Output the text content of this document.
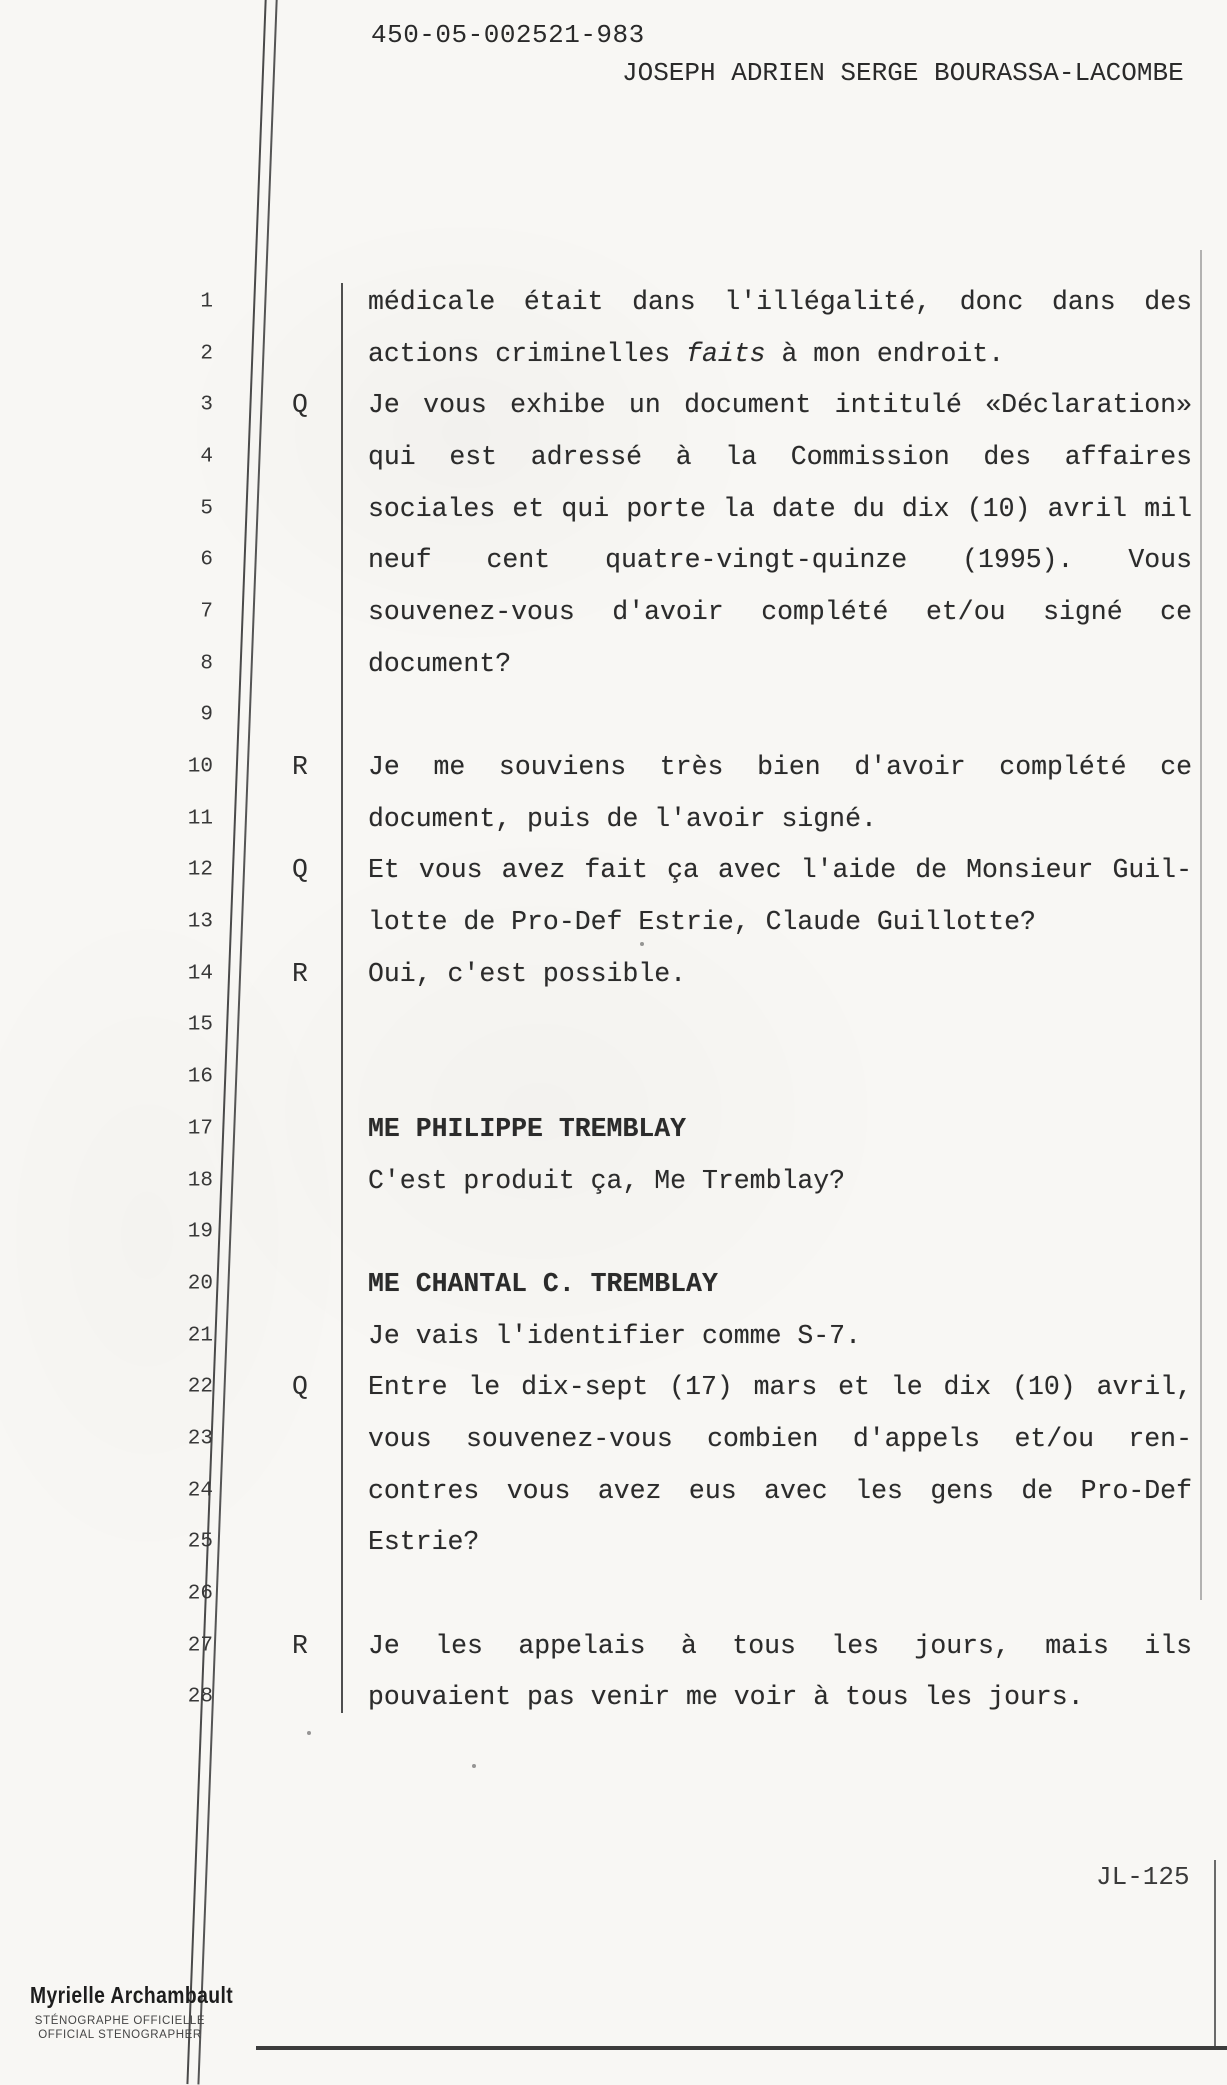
450-05-002521-983
JOSEPH ADRIEN SERGE BOURASSA-LACOMBE
1	médicale était dans l'illégalité, donc dans des
2	actions criminelles faits à mon endroit.
3	Q Je vous exhibe un document intitulé «Déclaration»
4	qui est adressé à la Commission des affaires
5	sociales et qui porte la date du dix (10) avril mil
6	neuf cent quatre-vingt-quinze (1995). Vous
7	souvenez-vous d'avoir complété et/ou signé ce
8	document?
9
10	R Je me souviens très bien d'avoir complété ce
11	document, puis de l'avoir signé.
12	Q Et vous avez fait ça avec l'aide de Monsieur Guil-
13	lotte de Pro-Def Estrie, Claude Guillotte?
14	R Oui, c'est possible.
15
16
17	ME PHILIPPE TREMBLAY
18	C'est produit ça, Me Tremblay?
19
20	ME CHANTAL C. TREMBLAY
21	Je vais l'identifier comme S-7.
22	Q Entre le dix-sept (17) mars et le dix (10) avril,
23	vous souvenez-vous combien d'appels et/ou ren-
24	contres vous avez eus avec les gens de Pro-Def
25	Estrie?
26
27	R Je les appelais à tous les jours, mais ils
28	pouvaient pas venir me voir à tous les jours.
JL-125
Myrielle Archambault
STÉNOGRAPHE OFFICIELLE
OFFICIAL STENOGRAPHER
